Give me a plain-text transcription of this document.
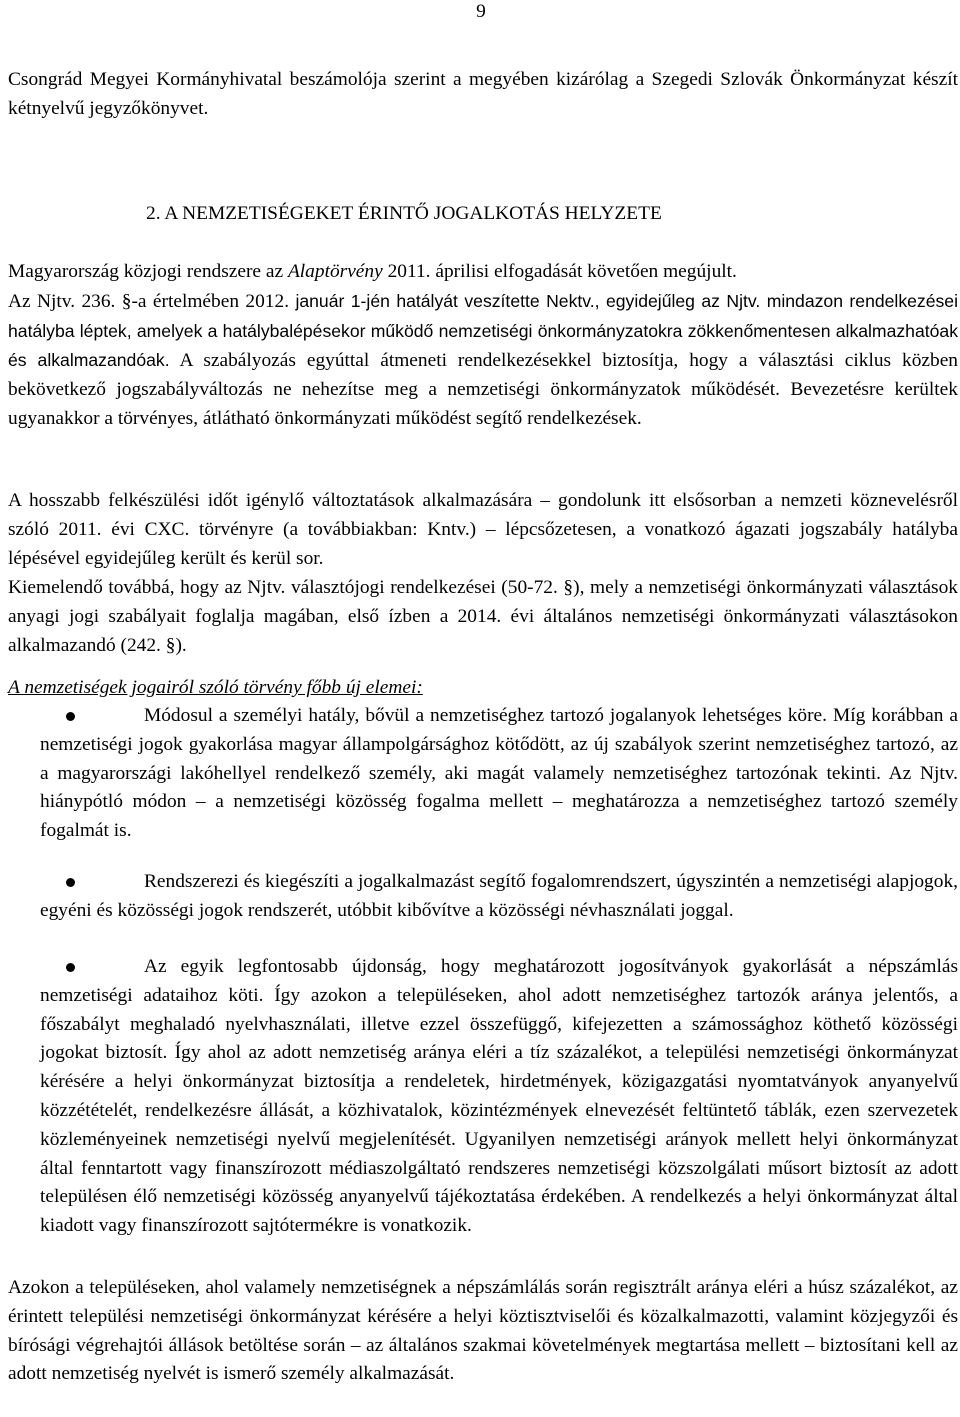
9

Csongrád Megyei Kormányhivatal beszámolója szerint a megyében kizárólag a Szegedi Szlovák Önkormányzat készít kétnyelvű jegyzőkönyvet.

2. A NEMZETISÉGEKET ÉRINTŐ JOGALKOTÁS HELYZETE

Magyarország közjogi rendszere az Alaptörvény 2011. áprilisi elfogadását követően megújult.
Az Njtv. 236. §-a értelmében 2012. január 1-jén hatályát veszítette Nektv., egyidejűleg az Njtv. mindazon rendelkezései hatályba léptek, amelyek a hatálybalépésekor működő nemzetiségi önkormányzatokra zökkenőmentesen alkalmazhatóak és alkalmazandóak. A szabályozás egyúttal átmeneti rendelkezésekkel biztosítja, hogy a választási ciklus közben bekövetkező jogszabályváltozás ne nehezítse meg a nemzetiségi önkormányzatok működését. Bevezetésre kerültek ugyanakkor a törvényes, átlátható önkormányzati működést segítő rendelkezések.

A hosszabb felkészülési időt igénylő változtatások alkalmazására – gondolunk itt elsősorban a nemzeti köznevelésről szóló 2011. évi CXC. törvényre (a továbbiakban: Kntv.) – lépcsőzetesen, a vonatkozó ágazati jogszabály hatályba lépésével egyidejűleg került és kerül sor.

Kiemelendő továbbá, hogy az Njtv. választójogi rendelkezései (50-72. §), mely a nemzetiségi önkormányzati választások anyagi jogi szabályait foglalja magában, első ízben a 2014. évi általános nemzetiségi önkormányzati választásokon alkalmazandó (242. §).

A nemzetiségek jogairól szóló törvény főbb új elemei:

Módosul a személyi hatály, bővül a nemzetiséghez tartozó jogalanyok lehetséges köre. Míg korábban a nemzetiségi jogok gyakorlása magyar állampolgársághoz kötődött, az új szabályok szerint nemzetiséghez tartozó, az a magyarországi lakóhellyel rendelkező személy, aki magát valamely nemzetiséghez tartozónak tekinti. Az Njtv. hiánypótló módon – a nemzetiségi közösség fogalma mellett – meghatározza a nemzetiséghez tartozó személy fogalmát is.

Rendszerezi és kiegészíti a jogalkalmazást segítő fogalomrendszert, úgyszintén a nemzetiségi alapjogok, egyéni és közösségi jogok rendszerét, utóbbit kibővítve a közösségi névhasználati joggal.

Az egyik legfontosabb újdonság, hogy meghatározott jogosítványok gyakorlását a népszámlás nemzetiségi adataihoz köti. Így azokon a településeken, ahol adott nemzetiséghez tartozók aránya jelentős, a főszabályt meghaladó nyelvhasználati, illetve ezzel összefüggő, kifejezetten a számossághoz köthető közösségi jogokat biztosít. Így ahol az adott nemzetiség aránya eléri a tíz százalékot, a települési nemzetiségi önkormányzat kérésére a helyi önkormányzat biztosítja a rendeletek, hirdetmények, közigazgatási nyomtatványok anyanyelvű közzétételét, rendelkezésre állását, a közhivatalok, közintézmények elnevezését feltüntető táblák, ezen szervezetek közleményeinek nemzetiségi nyelvű megjelenítését. Ugyanilyen nemzetiségi arányok mellett helyi önkormányzat által fenntartott vagy finanszírozott médiaszolgáltató rendszeres nemzetiségi közszolgálati műsort biztosít az adott településen élő nemzetiségi közösség anyanyelvű tájékoztatása érdekében. A rendelkezés a helyi önkormányzat által kiadott vagy finanszírozott sajtótermékre is vonatkozik.

Azokon a településeken, ahol valamely nemzetiségnek a népszámlálás során regisztrált aránya eléri a húsz százalékot, az érintett települési nemzetiségi önkormányzat kérésére a helyi köztisztviselői és közalkalmazotti, valamint közjegyzői és bírósági végrehajtói állások betöltése során – az általános szakmai követelmények megtartása mellett – biztosítani kell az adott nemzetiség nyelvét is ismerő személy alkalmazását.
